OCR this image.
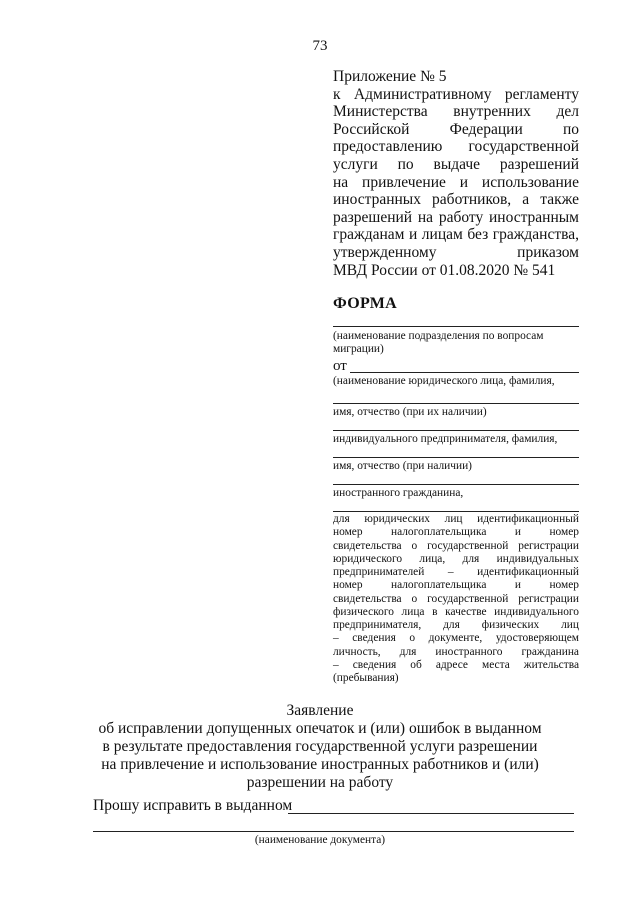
73
Приложение № 5
к Административному регламенту
Министерства внутренних дел
Российской Федерации по
предоставлению государственной
услуги по выдаче разрешений
на привлечение и использование
иностранных работников, а также
разрешений на работу иностранным
гражданам и лицам без гражданства,
утвержденному приказом
МВД России от 01.08.2020 № 541
ФОРМА
(наименование подразделения по вопросам миграции)
от
(наименование юридического лица, фамилия,
имя, отчество (при их наличии)
индивидуального предпринимателя, фамилия,
имя, отчество (при наличии)
иностранного гражданина,
для юридических лиц идентификационный
номер налогоплательщика и номер
свидетельства о государственной регистрации
юридического лица, для индивидуальных
предпринимателей – идентификационный
номер налогоплательщика и номер
свидетельства о государственной регистрации
физического лица в качестве индивидуального
предпринимателя, для физических лиц
– сведения о документе, удостоверяющем
личность, для иностранного гражданина
– сведения об адресе места жительства
(пребывания)
Заявление
об исправлении допущенных опечаток и (или) ошибок в выданном
в результате предоставления государственной услуги разрешении
на привлечение и использование иностранных работников и (или)
разрешении на работу
Прошу исправить в выданном
(наименование документа)
